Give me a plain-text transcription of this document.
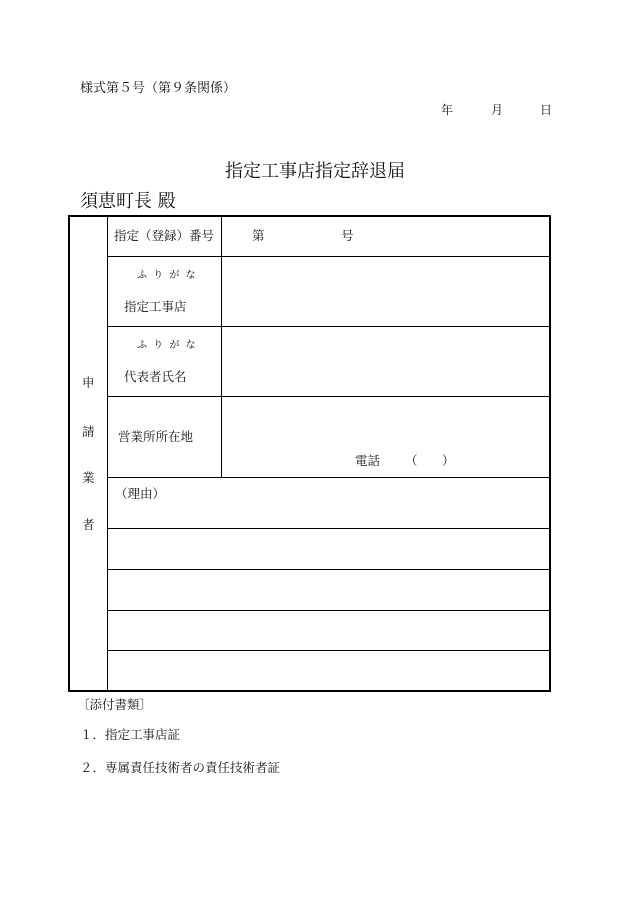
様式第５号（第９条関係）
年	月	日
指定工事店指定辞退届
須恵町長 殿
申
請
業
者
指定（登録）番号	第	号
ふ り が な
指定工事店
ふ り が な
代表者氏名
営業所所在地
電話 （ ）
（理由）
〔添付書類〕
１．指定工事店証
２．専属責任技術者の責任技術者証
